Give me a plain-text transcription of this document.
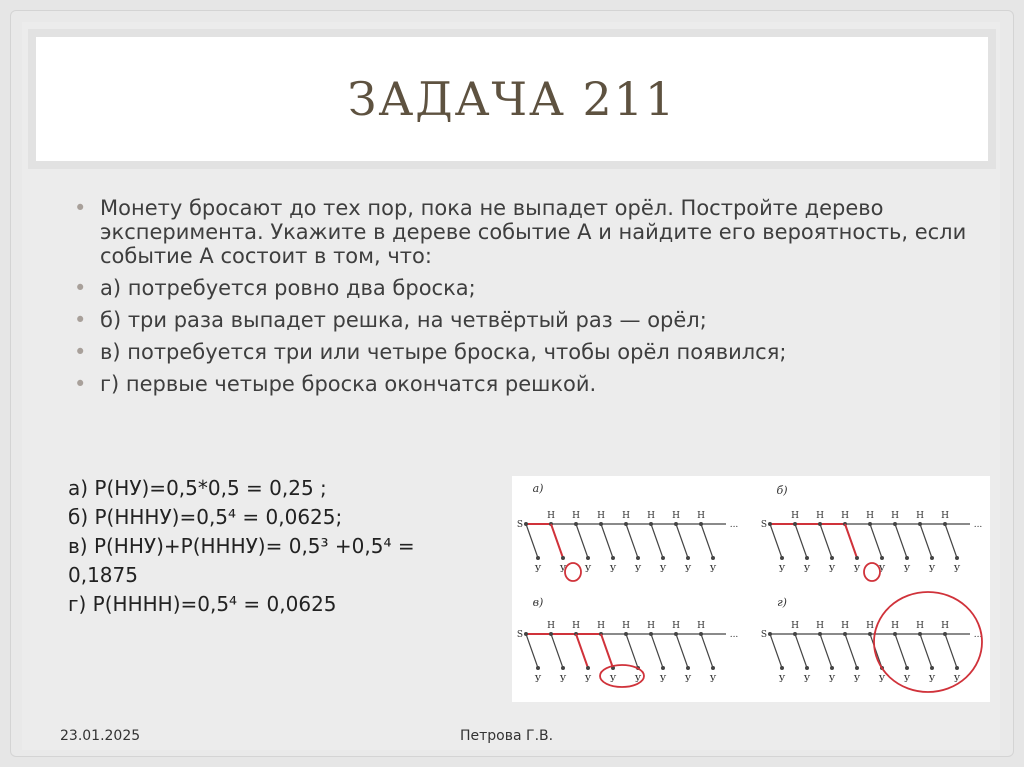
ЗАДАЧА 211
• Монету бросают до тех пор, пока не выпадет орёл. Постройте дерево эксперимента. Укажите в дереве событие А и найдите его вероятность, если событие А состоит в том, что:
• а) потребуется ровно два броска;
• б) три раза выпадет решка, на четвёртый раз — орёл;
• в) потребуется три или четыре броска, чтобы орёл появился;
• г) первые четыре броска окончатся решкой.
а) Р(НУ)=0,5*0,5 = 0,25 ;
б) Р(НННУ)=0,5⁴ = 0,0625;
в) Р(ННУ)+Р(НННУ)= 0,5³ +0,5⁴ =
0,1875
г) Р(НННН)=0,5⁴ = 0,0625
а)
S
У
Н
У
Н
У
Н
У
Н
У
Н
У
Н
У
Н
У
...
б)
S
У
Н
У
Н
У
Н
У
Н
У
Н
У
Н
У
Н
У
...
в)
S
У
Н
У
Н
У
Н
У
Н
У
Н
У
Н
У
Н
У
...
г)
S
У
Н
У
Н
У
Н
У
Н
У
Н
У
Н
У
Н
У
...
23.01.2025	Петрова Г.В.
